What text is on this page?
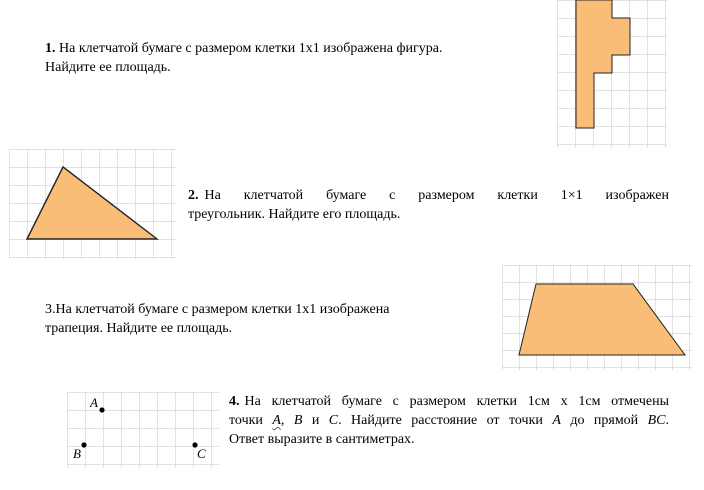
1. На клетчатой бумаге с размером клетки 1х1 изображена фигура.
Найдите ее площадь.
2. На клетчатой бумаге с размером клетки 1×1 изображен
треугольник. Найдите его площадь.
3.На клетчатой бумаге с размером клетки 1х1 изображена
трапеция. Найдите ее площадь.
A
B	C
4. На клетчатой бумаге с размером клетки 1см х 1см отмечены
точки A, B и C. Найдите расстояние от точки A до прямой BC.
Ответ выразите в сантиметрах.
